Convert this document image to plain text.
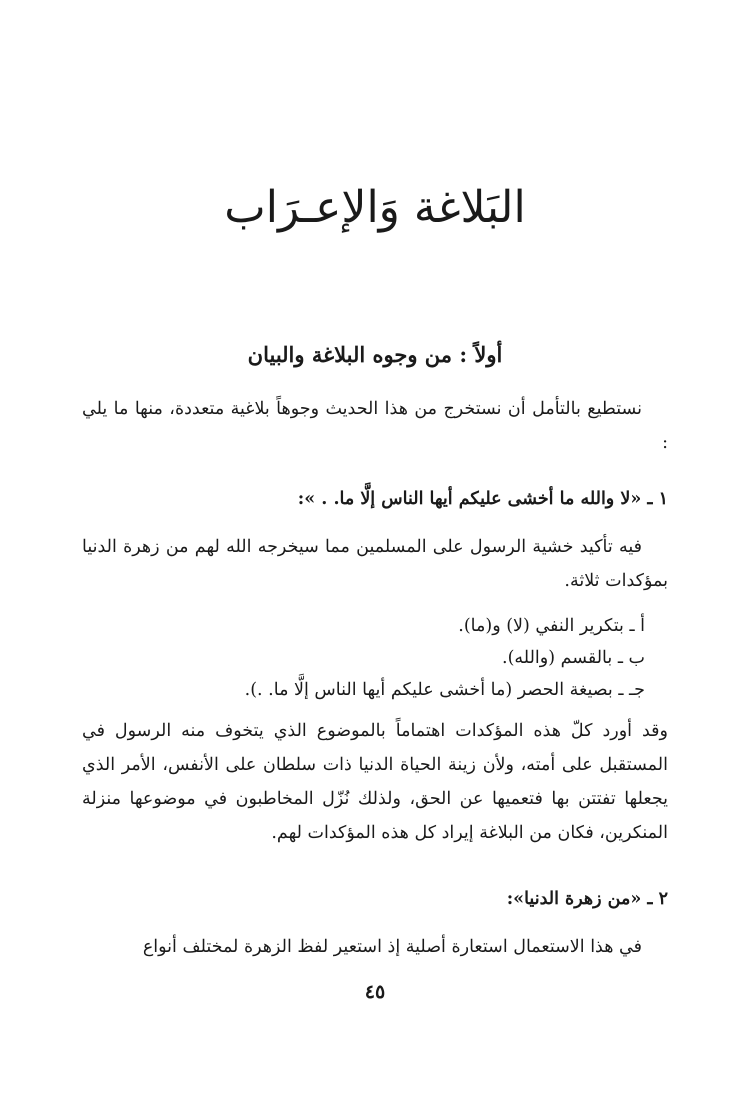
البَلاغة وَالإعـرَاب
أولاً : من وجوه البلاغة والبيان

نستطيع بالتأمل أن نستخرج من هذا الحديث وجوهاً بلاغية متعددة، منها ما يلي :

١ ـ «لا والله ما أخشى عليكم أيها الناس إلَّا ما. . »:

فيه تأكيد خشية الرسول على المسلمين مما سيخرجه الله لهم من زهرة الدنيا بمؤكدات ثلاثة.

أ ـ بتكرير النفي (لا) و(ما).

ب ـ بالقسم (والله).

جـ ـ بصيغة الحصر (ما أخشى عليكم أيها الناس إلَّا ما. .).

وقد أورد كلّ هذه المؤكدات اهتماماً بالموضوع الذي يتخوف منه الرسول في المستقبل على أمته، ولأن زينة الحياة الدنيا ذات سلطان على الأنفس، الأمر الذي يجعلها تفتتن بها فتعميها عن الحق، ولذلك نُزّل المخاطبون في موضوعها منزلة المنكرين، فكان من البلاغة إيراد كل هذه المؤكدات لهم.

٢ ـ «من زهرة الدنيا»:

في هذا الاستعمال استعارة أصلية إذ استعير لفظ الزهرة لمختلف أنواع

٤٥
